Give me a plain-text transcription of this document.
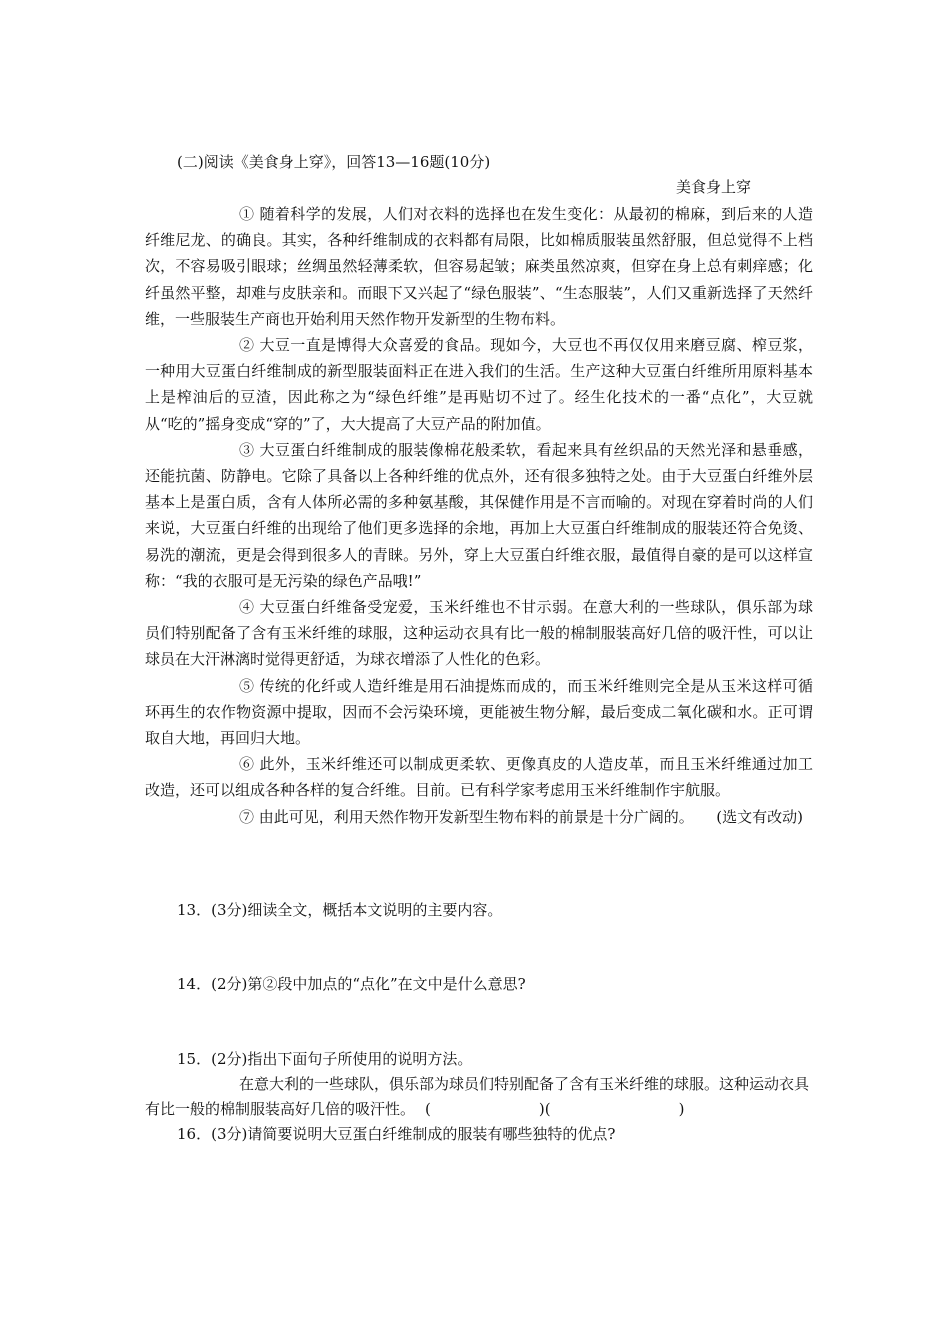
(二)阅读《美食身上穿》，回答13—16题(10分)
美食身上穿

① 随着科学的发展，人们对衣料的选择也在发生变化：从最初的棉麻，到后来的人造纤维尼龙、的确良。其实，各种纤维制成的衣料都有局限，比如棉质服装虽然舒服，但总觉得不上档次，不容易吸引眼球；丝绸虽然轻薄柔软，但容易起皱；麻类虽然凉爽，但穿在身上总有刺痒感；化纤虽然平整，却难与皮肤亲和。而眼下又兴起了“绿色服装”、“生态服装”，人们又重新选择了天然纤维，一些服装生产商也开始利用天然作物开发新型的生物布料。

② 大豆一直是博得大众喜爱的食品。现如今，大豆也不再仅仅用来磨豆腐、榨豆浆，一种用大豆蛋白纤维制成的新型服装面料正在进入我们的生活。生产这种大豆蛋白纤维所用原料基本上是榨油后的豆渣，因此称之为“绿色纤维”是再贴切不过了。经生化技术的一番“点化”，大豆就从“吃的”摇身变成“穿的”了，大大提高了大豆产品的附加值。

③ 大豆蛋白纤维制成的服装像棉花般柔软，看起来具有丝织品的天然光泽和悬垂感，还能抗菌、防静电。它除了具备以上各种纤维的优点外，还有很多独特之处。由于大豆蛋白纤维外层基本上是蛋白质，含有人体所必需的多种氨基酸，其保健作用是不言而喻的。对现在穿着时尚的人们来说，大豆蛋白纤维的出现给了他们更多选择的余地，再加上大豆蛋白纤维制成的服装还符合免烫、易洗的潮流，更是会得到很多人的青睐。另外，穿上大豆蛋白纤维衣服，最值得自豪的是可以这样宣称：“我的衣服可是无污染的绿色产品哦!”

④ 大豆蛋白纤维备受宠爱，玉米纤维也不甘示弱。在意大利的一些球队，俱乐部为球员们特别配备了含有玉米纤维的球服，这种运动衣具有比一般的棉制服装高好几倍的吸汗性，可以让球员在大汗淋漓时觉得更舒适，为球衣增添了人性化的色彩。

⑤ 传统的化纤或人造纤维是用石油提炼而成的，而玉米纤维则完全是从玉米这样可循环再生的农作物资源中提取，因而不会污染环境，更能被生物分解，最后变成二氧化碳和水。正可谓取自大地，再回归大地。

⑥ 此外，玉米纤维还可以制成更柔软、更像真皮的人造皮革，而且玉米纤维通过加工改造，还可以组成各种各样的复合纤维。目前。已有科学家考虑用玉米纤维制作宇航服。

⑦ 由此可见，利用天然作物开发新型生物布料的前景是十分广阔的。　　(选文有改动)

13．(3分)细读全文，概括本文说明的主要内容。
14．(2分)第②段中加点的“点化”在文中是什么意思?
15．(2分)指出下面句子所使用的说明方法。

在意大利的一些球队，俱乐部为球员们特别配备了含有玉米纤维的球服。这种运动衣具有比一般的棉制服装高好几倍的吸汗性。 (	)(	)

16．(3分)请简要说明大豆蛋白纤维制成的服装有哪些独特的优点?
